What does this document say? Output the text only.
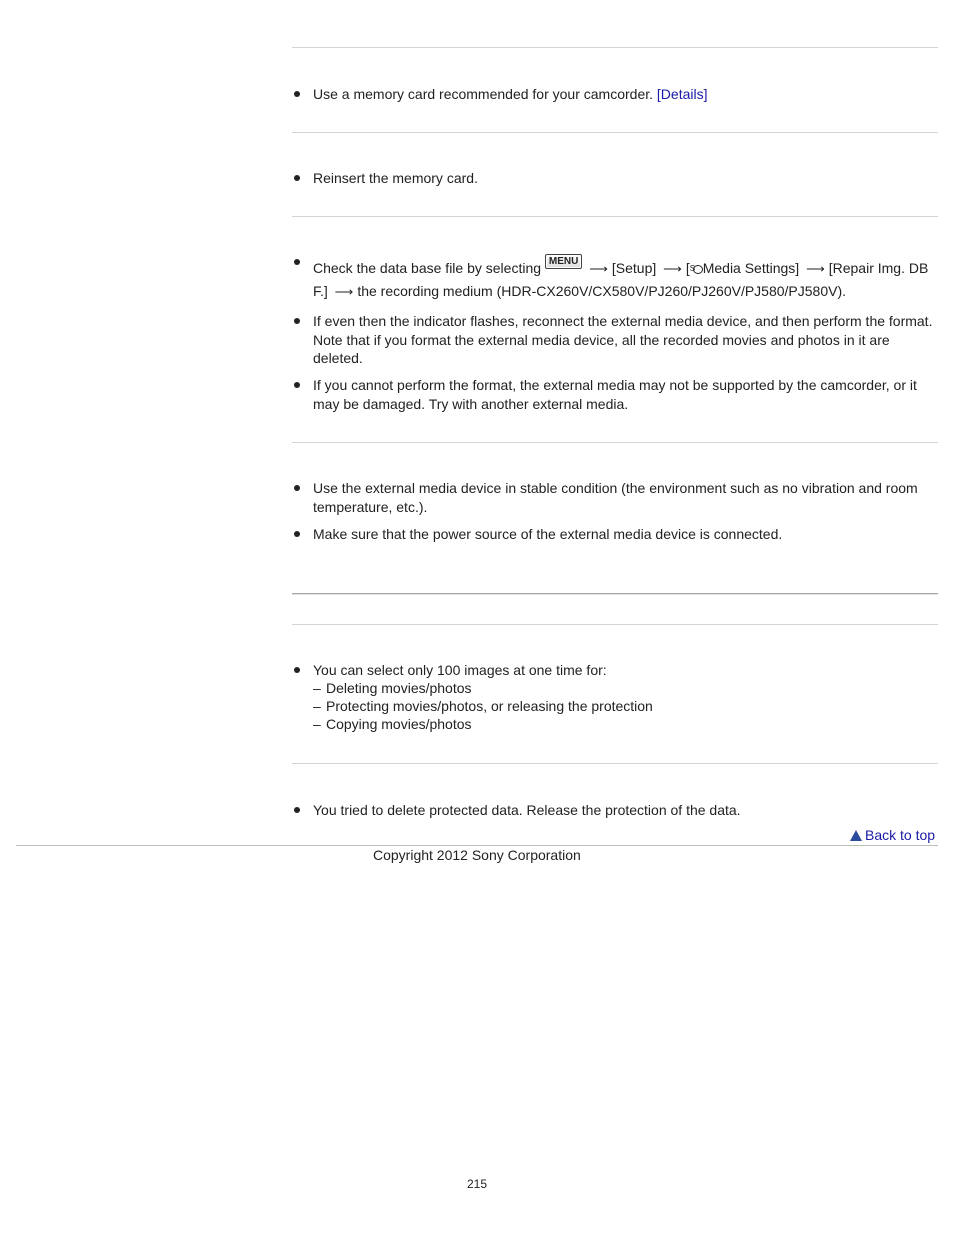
Use a memory card recommended for your camcorder. [Details]
Reinsert the memory card.
Check the data base file by selecting MENU ⟶ [Setup] ⟶ [ S Media Settings] ⟶ [Repair Img. DB F.] ⟶ the recording medium (HDR-CX260V/CX580V/PJ260/PJ260V/PJ580/PJ580V).
If even then the indicator flashes, reconnect the external media device, and then perform the format. Note that if you format the external media device, all the recorded movies and photos in it are deleted.
If you cannot perform the format, the external media may not be supported by the camcorder, or it may be damaged. Try with another external media.
Use the external media device in stable condition (the environment such as no vibration and room temperature, etc.).
Make sure that the power source of the external media device is connected.
You can select only 100 images at one time for:
– Deleting movies/photos
– Protecting movies/photos, or releasing the protection
– Copying movies/photos
You tried to delete protected data. Release the protection of the data.
Back to top
Copyright 2012 Sony Corporation
215
